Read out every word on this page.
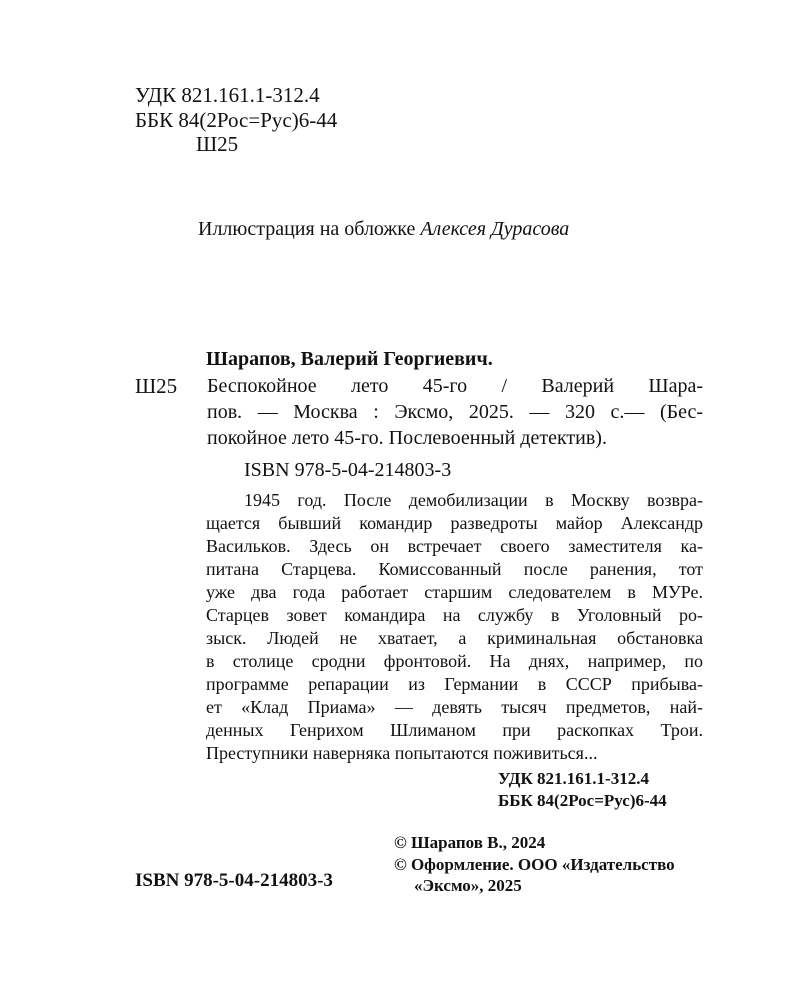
УДК 821.161.1-312.4
ББК 84(2Рос=Рус)6-44
Ш25
Иллюстрация на обложке Алексея Дурасова
Шарапов, Валерий Георгиевич.
Ш25 Беспокойное лето 45-го / Валерий Шара-
пов. — Москва : Эксмо, 2025. — 320 с.— (Бес-
покойное лето 45-го. Послевоенный детектив).
ISBN 978-5-04-214803-3
1945 год. После демобилизации в Москву возвра-
щается бывший командир разведроты майор Александр
Васильков. Здесь он встречает своего заместителя ка-
питана Старцева. Комиссованный после ранения, тот
уже два года работает старшим следователем в МУРе.
Старцев зовет командира на службу в Уголовный ро-
зыск. Людей не хватает, а криминальная обстановка
в столице сродни фронтовой. На днях, например, по
программе репарации из Германии в СССР прибыва-
ет «Клад Приама» — девять тысяч предметов, най-
денных Генрихом Шлиманом при раскопках Трои.
Преступники наверняка попытаются поживиться...
УДК 821.161.1-312.4
ББК 84(2Рос=Рус)6-44
© Шарапов В., 2024
© Оформление. ООО «Издательство
«Эксмо», 2025
ISBN 978-5-04-214803-3
